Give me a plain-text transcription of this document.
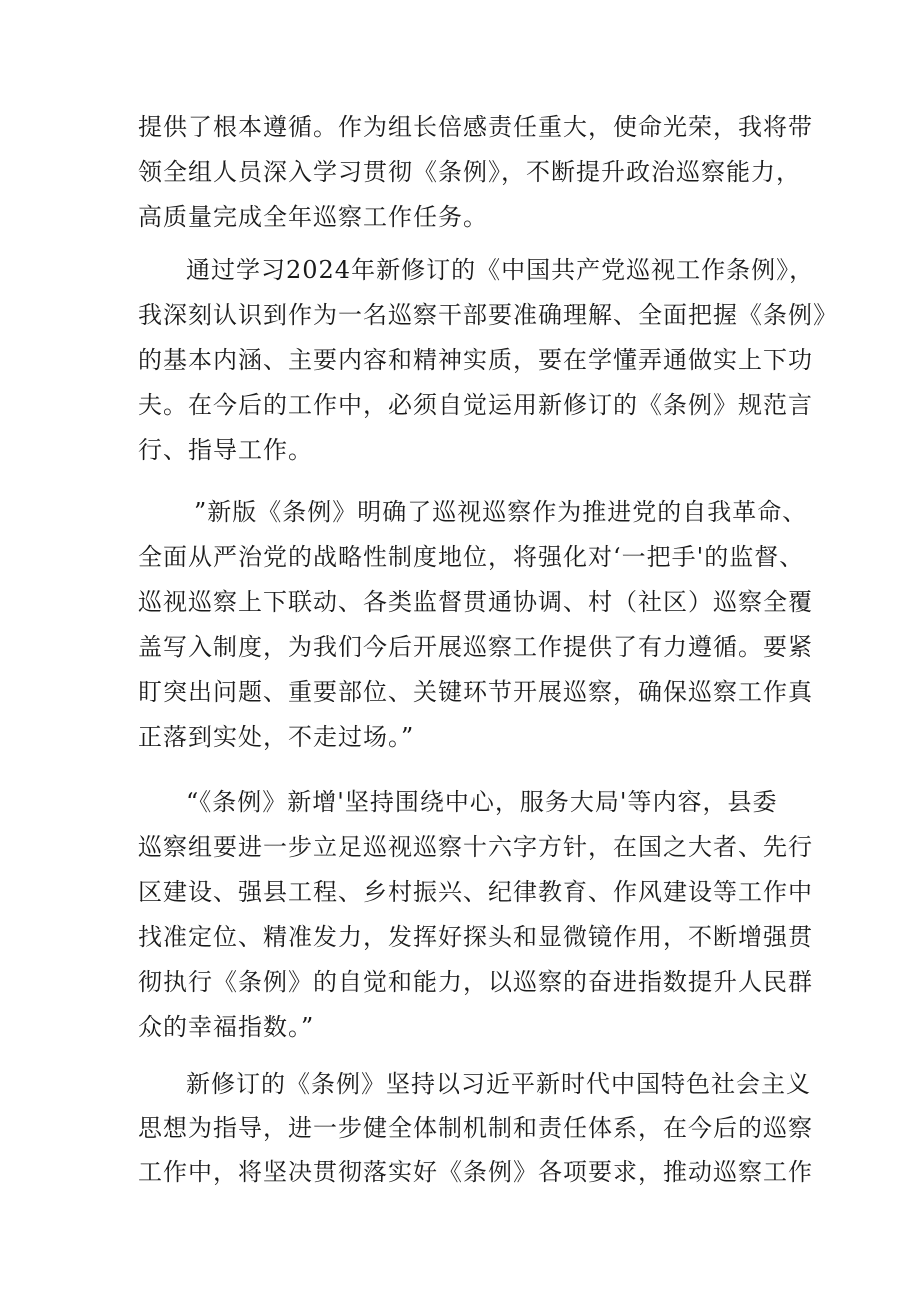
提供了根本遵循。作为组长倍感责任重大，使命光荣，我将带
领全组人员深入学习贯彻《条例》，不断提升政治巡察能力，
高质量完成全年巡察工作任务。
通过学习2024年新修订的《中国共产党巡视工作条例》，
我深刻认识到作为一名巡察干部要准确理解、全面把握《条例》
的基本内涵、主要内容和精神实质，要在学懂弄通做实上下功
夫。在今后的工作中，必须自觉运用新修订的《条例》规范言
行、指导工作。
”新版《条例》明确了巡视巡察作为推进党的自我革命、
全面从严治党的战略性制度地位，将强化对‘一把手'的监督、
巡视巡察上下联动、各类监督贯通协调、村（社区）巡察全覆
盖写入制度，为我们今后开展巡察工作提供了有力遵循。要紧
盯突出问题、重要部位、关键环节开展巡察，确保巡察工作真
正落到实处，不走过场。”
“《条例》新增'坚持围绕中心，服务大局'等内容，县委
巡察组要进一步立足巡视巡察十六字方针，在国之大者、先行
区建设、强县工程、乡村振兴、纪律教育、作风建设等工作中
找准定位、精准发力，发挥好探头和显微镜作用，不断增强贯
彻执行《条例》的自觉和能力，以巡察的奋进指数提升人民群
众的幸福指数。”
新修订的《条例》坚持以习近平新时代中国特色社会主义
思想为指导，进一步健全体制机制和责任体系，在今后的巡察
工作中，将坚决贯彻落实好《条例》各项要求，推动巡察工作
